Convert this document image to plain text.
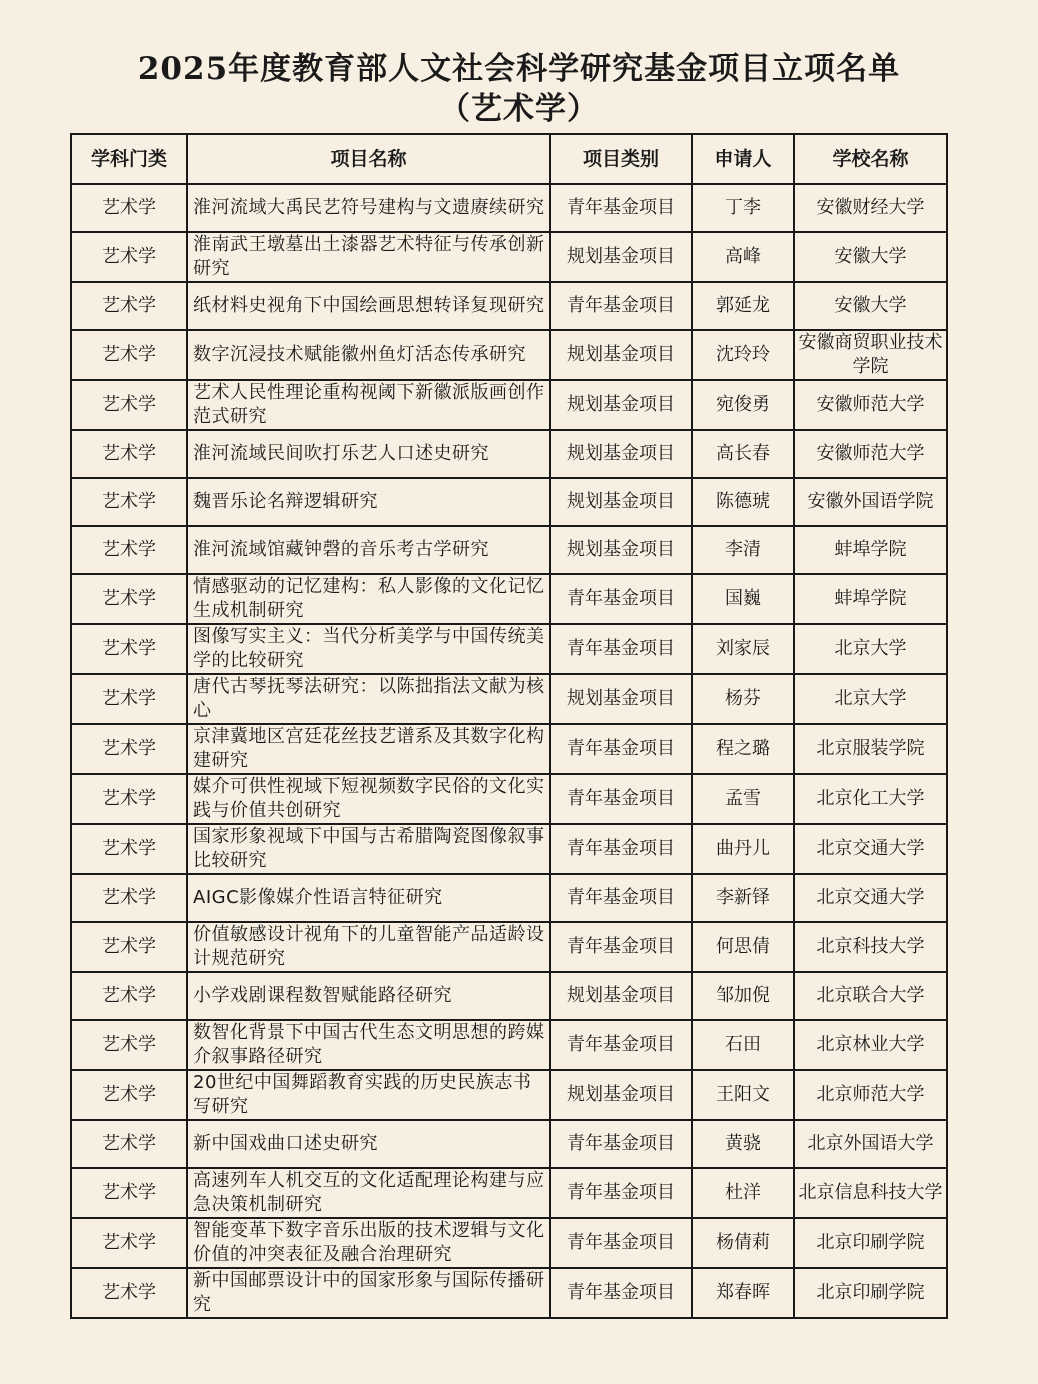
2025年度教育部人文社会科学研究基金项目立项名单
（艺术学）
学科门类	项目名称	项目类别	申请人	学校名称
艺术学	淮河流域大禹民艺符号建构与文遗赓续研究	青年基金项目	丁李	安徽财经大学
艺术学	淮南武王墩墓出土漆器艺术特征与传承创新研究	规划基金项目	高峰	安徽大学
艺术学	纸材料史视角下中国绘画思想转译复现研究	青年基金项目	郭延龙	安徽大学
艺术学	数字沉浸技术赋能徽州鱼灯活态传承研究	规划基金项目	沈玲玲	安徽商贸职业技术学院
艺术学	艺术人民性理论重构视阈下新徽派版画创作范式研究	规划基金项目	宛俊勇	安徽师范大学
艺术学	淮河流域民间吹打乐艺人口述史研究	规划基金项目	高长春	安徽师范大学
艺术学	魏晋乐论名辩逻辑研究	规划基金项目	陈德琥	安徽外国语学院
艺术学	淮河流域馆藏钟磬的音乐考古学研究	规划基金项目	李清	蚌埠学院
艺术学	情感驱动的记忆建构：私人影像的文化记忆生成机制研究	青年基金项目	国巍	蚌埠学院
艺术学	图像写实主义：当代分析美学与中国传统美学的比较研究	青年基金项目	刘家辰	北京大学
艺术学	唐代古琴抚琴法研究：以陈拙指法文献为核心	规划基金项目	杨芬	北京大学
艺术学	京津冀地区宫廷花丝技艺谱系及其数字化构建研究	青年基金项目	程之璐	北京服装学院
艺术学	媒介可供性视域下短视频数字民俗的文化实践与价值共创研究	青年基金项目	孟雪	北京化工大学
艺术学	国家形象视域下中国与古希腊陶瓷图像叙事比较研究	青年基金项目	曲丹儿	北京交通大学
艺术学	AIGC影像媒介性语言特征研究	青年基金项目	李新铎	北京交通大学
艺术学	价值敏感设计视角下的儿童智能产品适龄设计规范研究	青年基金项目	何思倩	北京科技大学
艺术学	小学戏剧课程数智赋能路径研究	规划基金项目	邹加倪	北京联合大学
艺术学	数智化背景下中国古代生态文明思想的跨媒介叙事路径研究	青年基金项目	石田	北京林业大学
艺术学	20世纪中国舞蹈教育实践的历史民族志书写研究	规划基金项目	王阳文	北京师范大学
艺术学	新中国戏曲口述史研究	青年基金项目	黄骁	北京外国语大学
艺术学	高速列车人机交互的文化适配理论构建与应急决策机制研究	青年基金项目	杜洋	北京信息科技大学
艺术学	智能变革下数字音乐出版的技术逻辑与文化价值的冲突表征及融合治理研究	青年基金项目	杨倩莉	北京印刷学院
艺术学	新中国邮票设计中的国家形象与国际传播研究	青年基金项目	郑春晖	北京印刷学院
